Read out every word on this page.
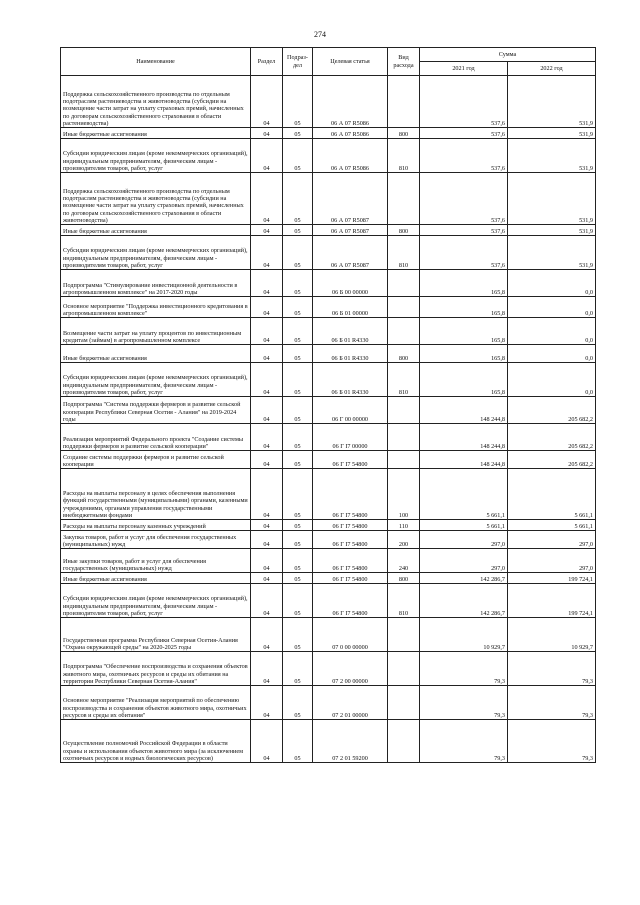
274
Наименование	Раздел	Подраз-дел	Целевая статья	Вид расхода	Сумма	
					2021 год	2022 год

Поддержка сельскохозяйственного производства по отдельным подотраслям растениеводства и животноводства (субсидии на возмещение части затрат на уплату страховых премий, начисленных по договорам сельскохозяйственного страхования в области растениеводства)	04	05	06 А 07 R5086		537,6	531,9

Иные бюджетные ассигнования	04	05	06 А 07 R5086	800	537,6	531,9

Субсидии юридическим лицам (кроме некоммерческих организаций), индивидуальным предпринимателям, физическим лицам - производителям товаров, работ, услуг	04	05	06 А 07 R5086	810	537,6	531,9

Поддержка сельскохозяйственного производства по отдельным подотраслям растениеводства и животноводства (субсидии на возмещение части затрат на уплату страховых премий, начисленных по договорам сельскохозяйственного страхования в области животноводства)	04	05	06 А 07 R5087		537,6	531,9

Иные бюджетные ассигнования	04	05	06 А 07 R5087	800	537,6	531,9

Субсидии юридическим лицам (кроме некоммерческих организаций), индивидуальным предпринимателям, физическим лицам - производителям товаров, работ, услуг	04	05	06 А 07 R5087	810	537,6	531,9

Подпрограмма "Стимулирование инвестиционной деятельности в агропромышленном комплексе" на 2017-2020 годы	04	05	06 Б 00 00000		165,8	0,0

Основное мероприятие "Поддержка инвестиционного кредитования в агропромышленном комплексе"	04	05	06 Б 01 00000		165,8	0,0

Возмещение части затрат на уплату процентов по инвестиционным кредитам (займам) в агропромышленном комплексе	04	05	06 Б 01 R4330		165,8	0,0

Иные бюджетные ассигнования	04	05	06 Б 01 R4330	800	165,8	0,0

Субсидии юридическим лицам (кроме некоммерческих организаций), индивидуальным предпринимателям, физическим лицам - производителям товаров, работ, услуг	04	05	06 Б 01 R4330	810	165,8	0,0

Подпрограмма "Система поддержки фермеров и развитие сельской кооперации Республики Северная Осетия - Алания" на 2019-2024 годы	04	05	06 Г 00 00000		148 244,8	205 682,2

Реализация мероприятий Федерального проекта "Создание системы поддержки фермеров и развитие сельской кооперации"	04	05	06 Г I7 00000		148 244,8	205 682,2

Создание системы поддержки фермеров и развитие сельской кооперации	04	05	06 Г I7 54800		148 244,8	205 682,2

Расходы на выплаты персоналу в целях обеспечения выполнения функций государственными (муниципальными) органами, казенными учреждениями, органами управления государственными внебюджетными фондами	04	05	06 Г I7 54800	100	5 661,1	5 661,1

Расходы на выплаты персоналу казенных учреждений	04	05	06 Г I7 54800	110	5 661,1	5 661,1

Закупка товаров, работ и услуг для обеспечения государственных (муниципальных) нужд	04	05	06 Г I7 54800	200	297,0	297,0

Иные закупки товаров, работ и услуг для обеспечения государственных (муниципальных) нужд	04	05	06 Г I7 54800	240	297,0	297,0

Иные бюджетные ассигнования	04	05	06 Г I7 54800	800	142 286,7	199 724,1

Субсидии юридическим лицам (кроме некоммерческих организаций), индивидуальным предпринимателям, физическим лицам - производителям товаров, работ, услуг	04	05	06 Г I7 54800	810	142 286,7	199 724,1

Государственная программа Республики Северная Осетия-Алания "Охрана окружающей среды" на 2020-2025 годы	04	05	07 0 00 00000		10 929,7	10 929,7

Подпрограмма "Обеспечение воспроизводства и сохранения объектов животного мира, охотничьих ресурсов и среды их обитания на территории Республики Северная Осетия-Алания"	04	05	07 2 00 00000		79,3	79,3

Основное мероприятие "Реализация мероприятий по обеспечению воспроизводства и сохранения объектов животного мира, охотничьих ресурсов и среды их обитания"	04	05	07 2 01 00000		79,3	79,3

Осуществление полномочий Российской Федерации в области охраны и использования объектов животного мира (за исключением охотничьих ресурсов и водных биологических ресурсов)	04	05	07 2 01 59200		79,3	79,3
